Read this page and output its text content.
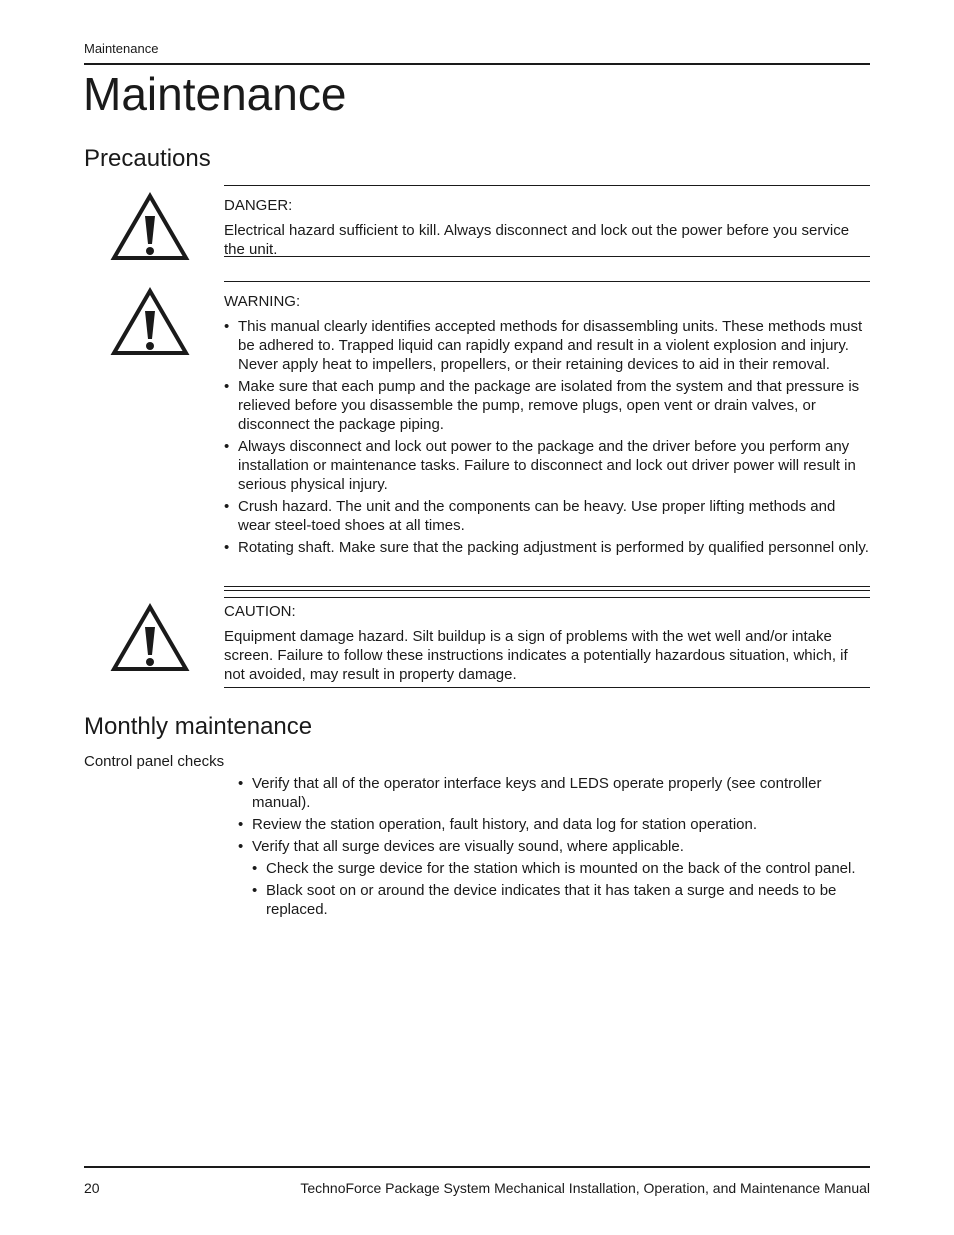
Maintenance
Maintenance
Precautions
DANGER:

Electrical hazard sufficient to kill. Always disconnect and lock out the power before you service the unit.

WARNING:
• This manual clearly identifies accepted methods for disassembling units. These methods must be adhered to. Trapped liquid can rapidly expand and result in a violent explosion and injury. Never apply heat to impellers, propellers, or their retaining devices to aid in their removal.
• Make sure that each pump and the package are isolated from the system and that pressure is relieved before you disassemble the pump, remove plugs, open vent or drain valves, or disconnect the package piping.
• Always disconnect and lock out power to the package and the driver before you perform any installation or maintenance tasks. Failure to disconnect and lock out driver power will result in serious physical injury.
• Crush hazard. The unit and the components can be heavy. Use proper lifting methods and wear steel-toed shoes at all times.
• Rotating shaft. Make sure that the packing adjustment is performed by qualified personnel only.
CAUTION:

Equipment damage hazard. Silt buildup is a sign of problems with the wet well and/or intake screen. Failure to follow these instructions indicates a potentially hazardous situation, which, if not avoided, may result in property damage.

Monthly maintenance
Control panel checks
• Verify that all of the operator interface keys and LEDS operate properly (see controller manual).
• Review the station operation, fault history, and data log for station operation.
• Verify that all surge devices are visually sound, where applicable.
• Check the surge device for the station which is mounted on the back of the control panel.
• Black soot on or around the device indicates that it has taken a surge and needs to be replaced.
20	TechnoForce Package System Mechanical Installation, Operation, and Maintenance Manual
